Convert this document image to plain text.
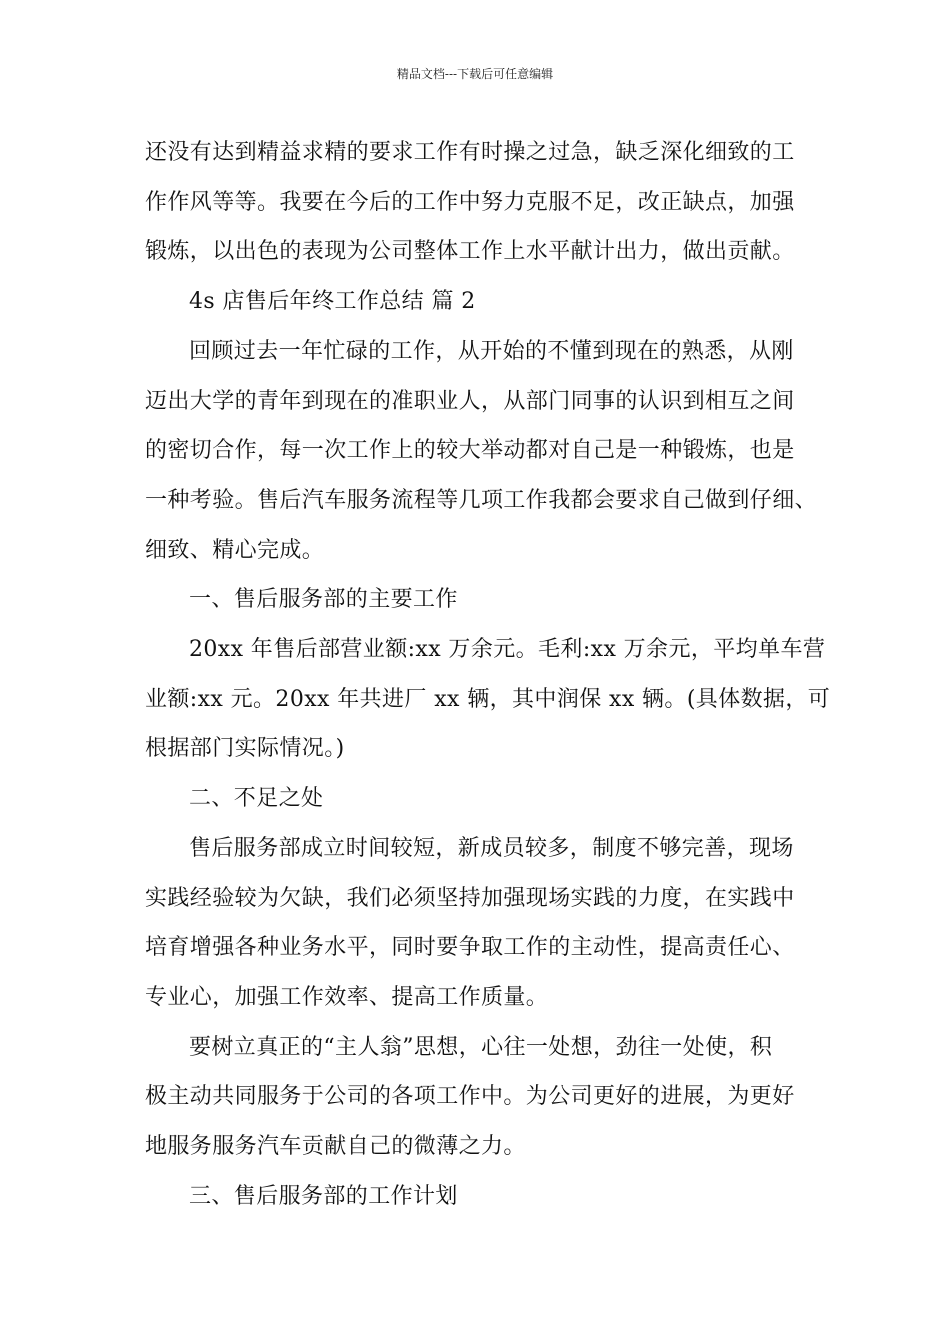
精品文档---下载后可任意编辑

还没有达到精益求精的要求工作有时操之过急，缺乏深化细致的工

作作风等等。我要在今后的工作中努力克服不足，改正缺点，加强

锻炼，以出色的表现为公司整体工作上水平献计出力，做出贡献。

4s 店售后年终工作总结 篇 2

回顾过去一年忙碌的工作，从开始的不懂到现在的熟悉，从刚

迈出大学的青年到现在的准职业人，从部门同事的认识到相互之间

的密切合作，每一次工作上的较大举动都对自己是一种锻炼，也是

一种考验。售后汽车服务流程等几项工作我都会要求自己做到仔细、

细致、精心完成。

一、售后服务部的主要工作

20xx 年售后部营业额:xx 万余元。毛利:xx 万余元，平均单车营

业额:xx 元。20xx 年共进厂 xx 辆，其中润保 xx 辆。(具体数据，可

根据部门实际情况。)

二、不足之处

售后服务部成立时间较短，新成员较多，制度不够完善，现场

实践经验较为欠缺，我们必须坚持加强现场实践的力度，在实践中

培育增强各种业务水平，同时要争取工作的主动性，提高责任心、

专业心，加强工作效率、提高工作质量。

要树立真正的“主人翁”思想，心往一处想，劲往一处使，积

极主动共同服务于公司的各项工作中。为公司更好的进展，为更好

地服务服务汽车贡献自己的微薄之力。

三、售后服务部的工作计划
